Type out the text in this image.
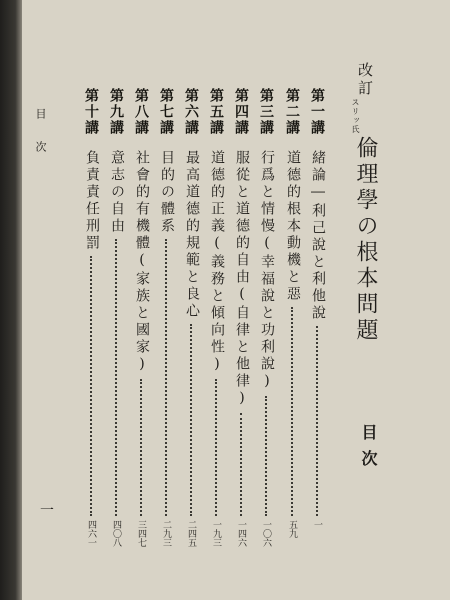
目次
一
改訂スリッ氏倫理學の根本問題
目次
第一講
緒論―利己說と利他說
一
第二講
道德的根本動機と惡
五九
第三講
行爲と情慢(幸福說と功利說)
一〇六
第四講
服從と道德的自由(自律と他律)
一四六
第五講
道德的正義(義務と傾向性)
一九三
第六講
最高道德的規範と良心
二四五
第七講
目的の體系
二九三
第八講
社會的有機體(家族と國家)
三四七
第九講
意志の自由
四〇八
第十講
負責責任刑罰
四六一
